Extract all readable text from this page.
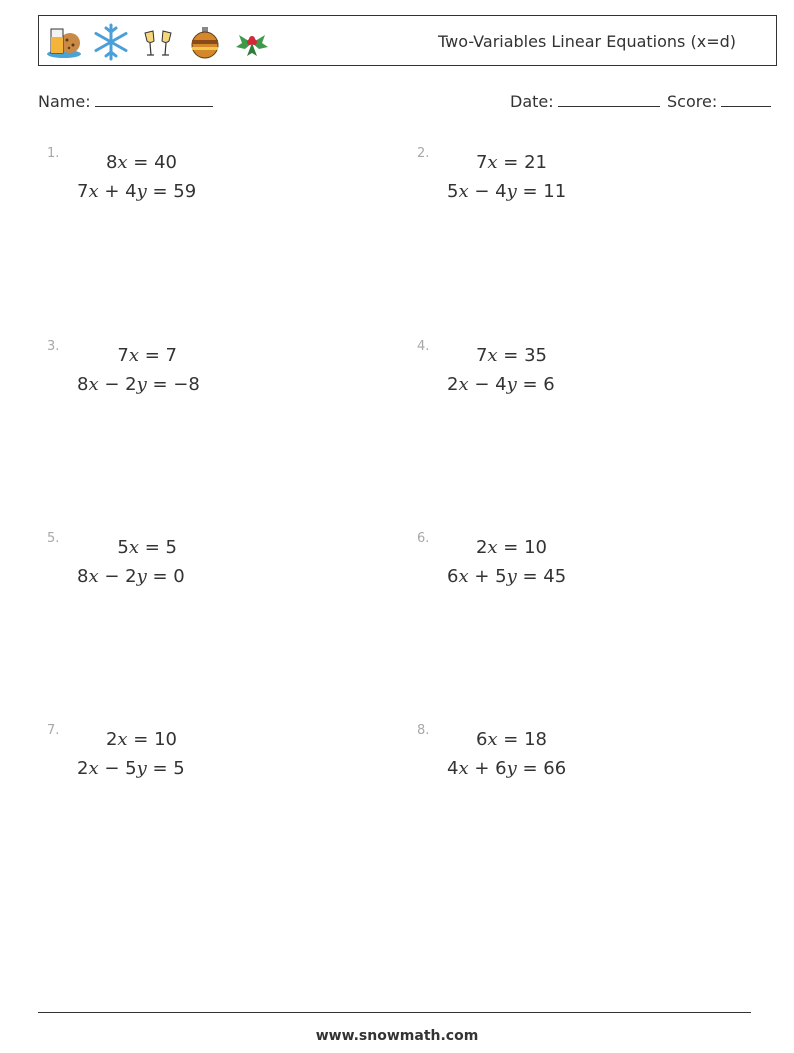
Two-Variables Linear Equations (x=d)
Name:	Date:	Score:
1.	8x = 40
7x + 4y = 59
2.	7x = 21
5x − 4y = 11
3.	7x = 7
8x − 2y = −8
4.	7x = 35
2x − 4y = 6
5.	5x = 5
8x − 2y = 0
6.	2x = 10
6x + 5y = 45
7.	2x = 10
2x − 5y = 5
8.	6x = 18
4x + 6y = 66
www.snowmath.com
